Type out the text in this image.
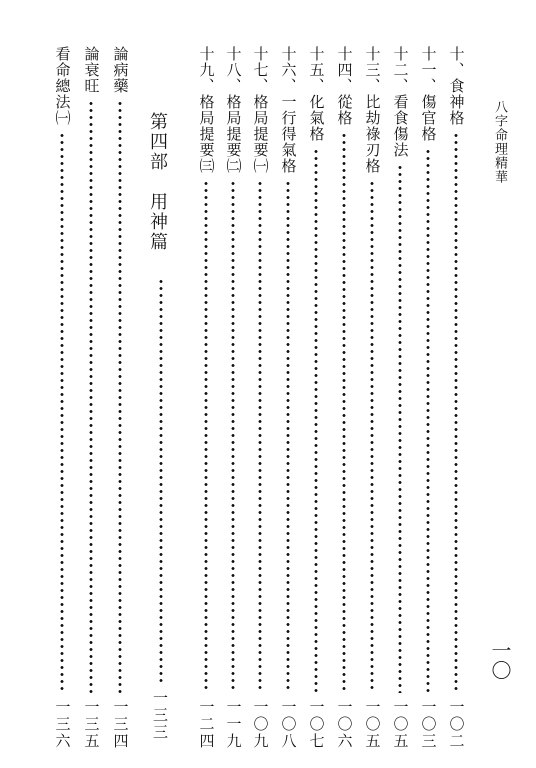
八字命理精華
一〇
十、食神格
一〇二
十一、傷官格
一〇三
十二、看食傷法
一〇五
十三、比劫祿刃格
一〇五
十四、從格
一〇六
十五、化氣格
一〇七
十六、一行得氣格
一〇八
十七、格局提要㈠
一〇九
十八、格局提要㈡
一一九
十九、格局提要㈢
一二四
第四部　用神篇
一三三
論病藥
一三四
論衰旺
一三五
看命總法㈠
一三六
